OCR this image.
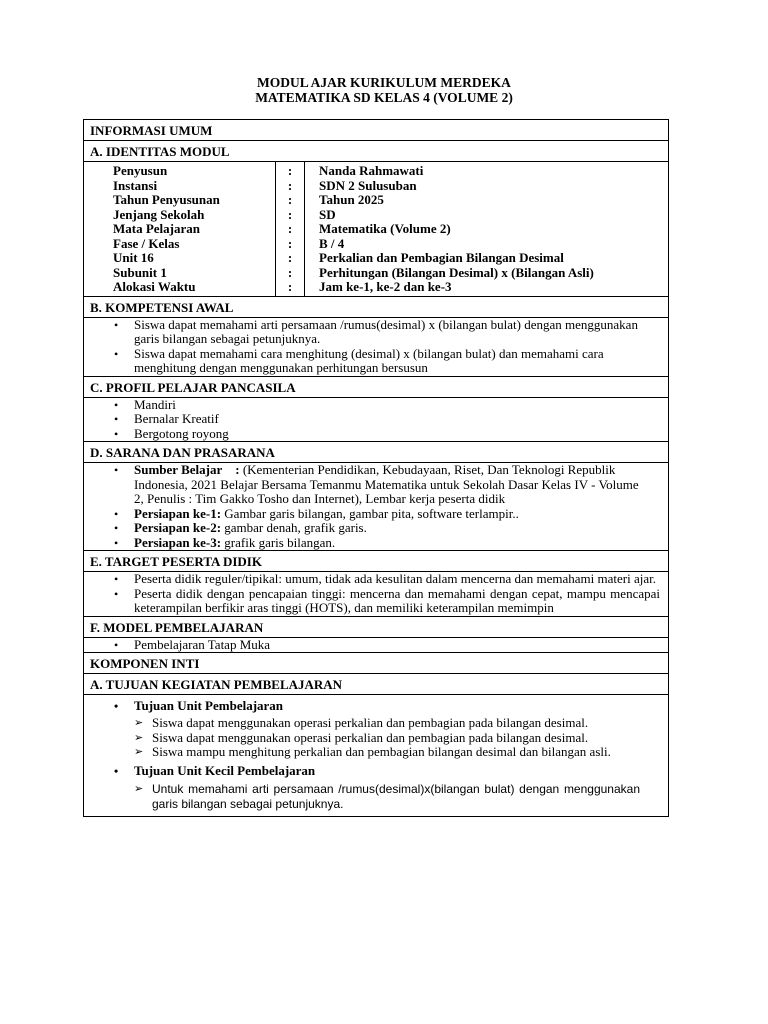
MODUL AJAR KURIKULUM MERDEKA
MATEMATIKA SD KELAS 4 (VOLUME 2)
INFORMASI UMUM
A. IDENTITAS MODUL

Penyusun	:	Nanda Rahmawati
Instansi	:	SDN 2 Sulusuban
Tahun Penyusunan	:	Tahun 2025
Jenjang Sekolah	:	SD
Mata Pelajaran	:	Matematika (Volume 2)
Fase / Kelas	:	B / 4
Unit 16	:	Perkalian dan Pembagian Bilangan Desimal
Subunit 1	:	Perhitungan (Bilangan Desimal) x (Bilangan Asli)
Alokasi Waktu	:	Jam ke-1, ke-2 dan ke-3

B. KOMPETENSI AWAL

• Siswa dapat memahami arti persamaan /rumus(desimal) x (bilangan bulat) dengan menggunakan garis bilangan sebagai petunjuknya.
• Siswa dapat memahami cara menghitung (desimal) x (bilangan bulat) dan memahami cara menghitung dengan menggunakan perhitungan bersusun

C. PROFIL PELAJAR PANCASILA

• Mandiri
• Bernalar Kreatif
• Bergotong royong

D. SARANA DAN PRASARANA

• Sumber Belajar : (Kementerian Pendidikan, Kebudayaan, Riset, Dan Teknologi Republik Indonesia, 2021 Belajar Bersama Temanmu Matematika untuk Sekolah Dasar Kelas IV - Volume 2, Penulis : Tim Gakko Tosho dan Internet), Lembar kerja peserta didik
• Persiapan ke-1: Gambar garis bilangan, gambar pita, software terlampir..
• Persiapan ke-2: gambar denah, grafik garis.
• Persiapan ke-3: grafik garis bilangan.

E. TARGET PESERTA DIDIK

• Peserta didik reguler/tipikal: umum, tidak ada kesulitan dalam mencerna dan memahami materi ajar.
• Peserta didik dengan pencapaian tinggi: mencerna dan memahami dengan cepat, mampu mencapai keterampilan berfikir aras tinggi (HOTS), dan memiliki keterampilan memimpin

F. MODEL PEMBELAJARAN

• Pembelajaran Tatap Muka

KOMPONEN INTI
A. TUJUAN KEGIATAN PEMBELAJARAN

• Tujuan Unit Pembelajaran
➢ Siswa dapat menggunakan operasi perkalian dan pembagian pada bilangan desimal.
➢ Siswa dapat menggunakan operasi perkalian dan pembagian pada bilangan desimal.
➢ Siswa mampu menghitung perkalian dan pembagian bilangan desimal dan bilangan asli.
• Tujuan Unit Kecil Pembelajaran
➢ Untuk memahami arti persamaan /rumus(desimal)x(bilangan bulat) dengan menggunakan garis bilangan sebagai petunjuknya.
